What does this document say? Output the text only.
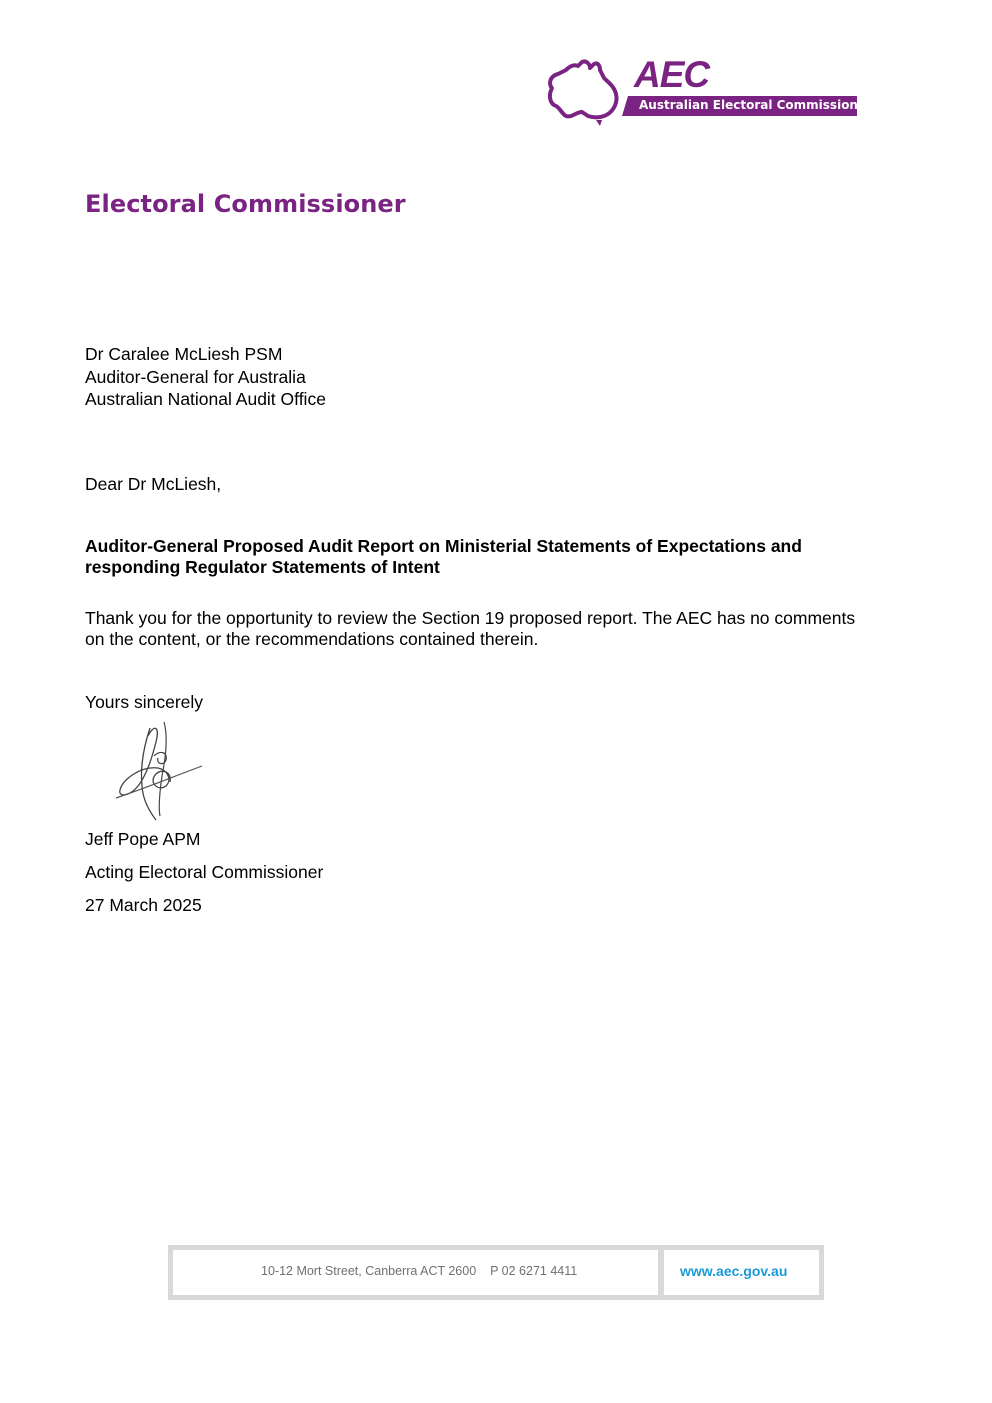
AEC
Australian Electoral Commission
Electoral Commissioner
Dr Caralee McLiesh PSM
Auditor-General for Australia
Australian National Audit Office
Dear Dr McLiesh,
Auditor-General Proposed Audit Report on Ministerial Statements of Expectations and
responding Regulator Statements of Intent
Thank you for the opportunity to review the Section 19 proposed report. The AEC has no comments
on the content, or the recommendations contained therein.
Yours sincerely
Jeff Pope APM
Acting Electoral Commissioner
27 March 2025
10-12 Mort Street, Canberra ACT 2600 P 02 6271 4411	www.aec.gov.au
